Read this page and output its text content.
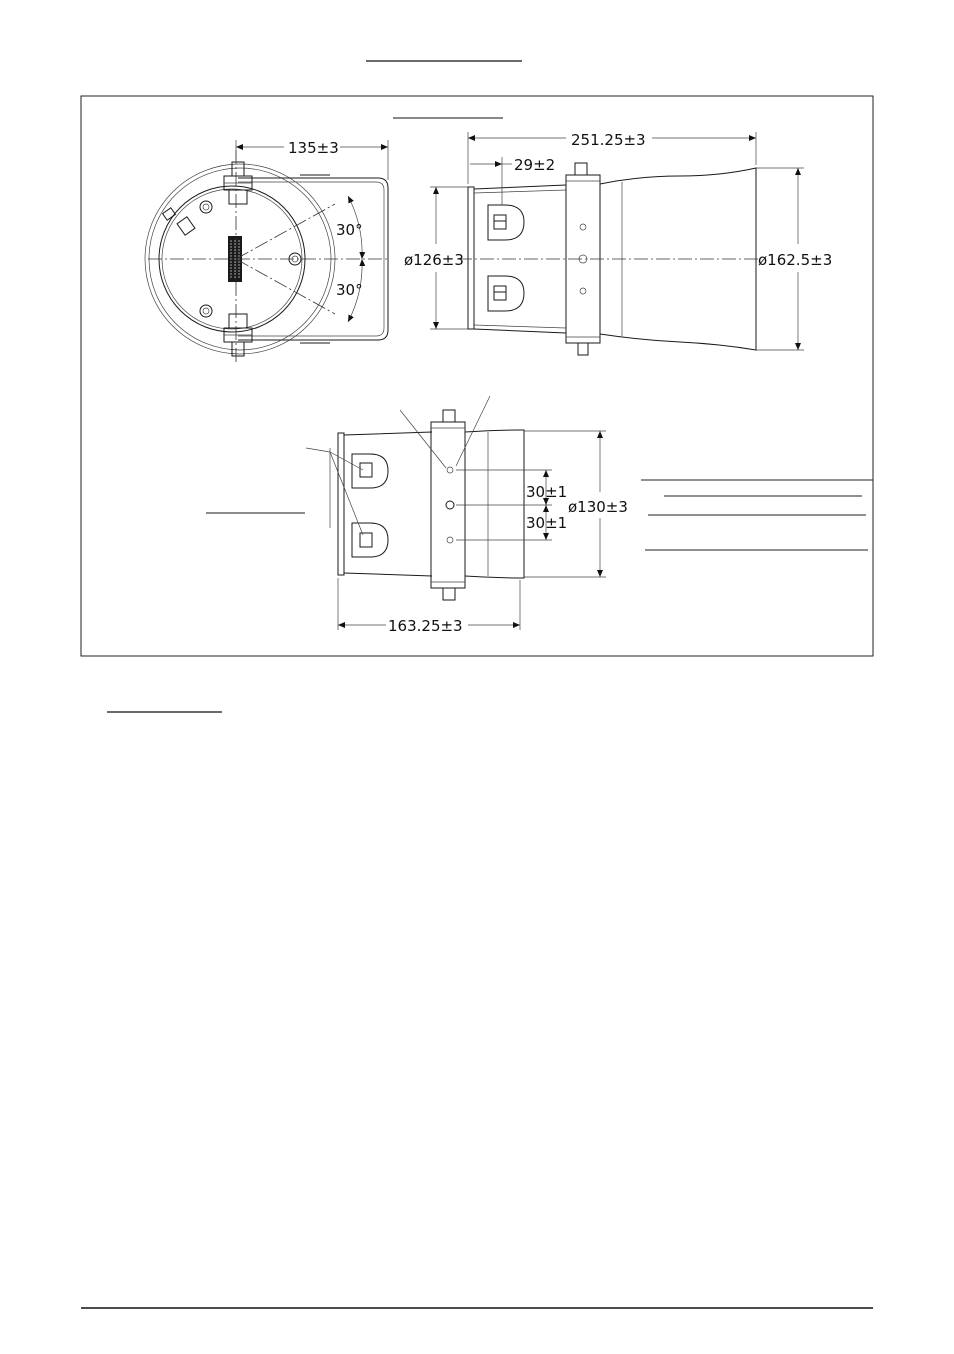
135±3
30°
30°
251.25±3
29±2
ø126±3	ø162.5±3
30±1
30±1
ø130±3
163.25±3
